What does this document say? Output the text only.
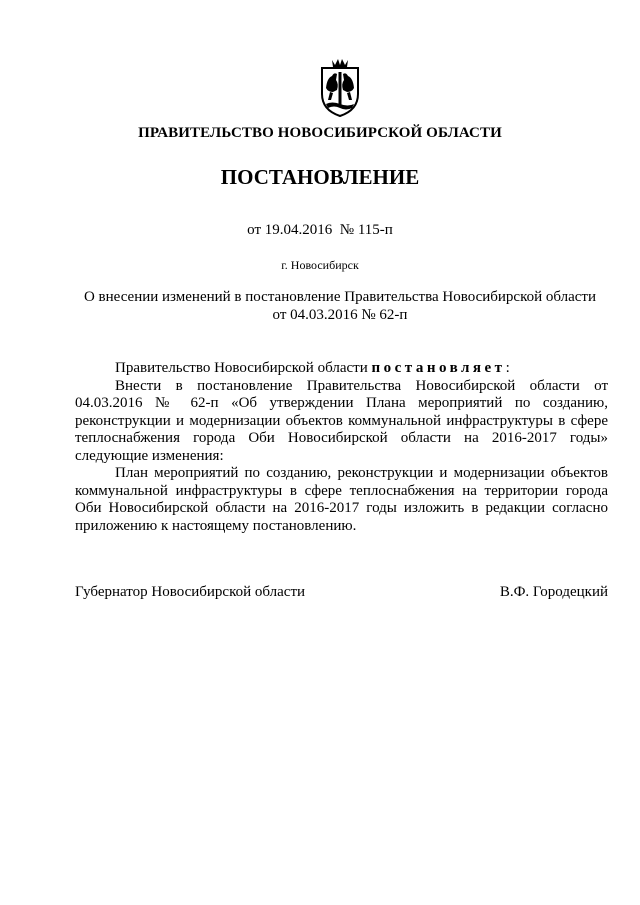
ПРАВИТЕЛЬСТВО НОВОСИБИРСКОЙ ОБЛАСТИ
ПОСТАНОВЛЕНИЕ
от 19.04.2016  № 115-п
г. Новосибирск
О внесении изменений в постановление Правительства Новосибирской области
от 04.03.2016 № 62-п

Правительство Новосибирской области постановляет:

Внести в постановление Правительства Новосибирской области от 04.03.2016 № 62-п «Об утверждении Плана мероприятий по созданию, реконструкции и модернизации объектов коммунальной инфраструктуры в сфере теплоснабжения города Оби Новосибирской области на 2016-2017 годы» следующие изменения:

План мероприятий по созданию, реконструкции и модернизации объектов коммунальной инфраструктуры в сфере теплоснабжения на территории города Оби Новосибирской области на 2016-2017 годы изложить в редакции согласно приложению к настоящему постановлению.

Губернатор Новосибирской области	В.Ф. Городецкий
